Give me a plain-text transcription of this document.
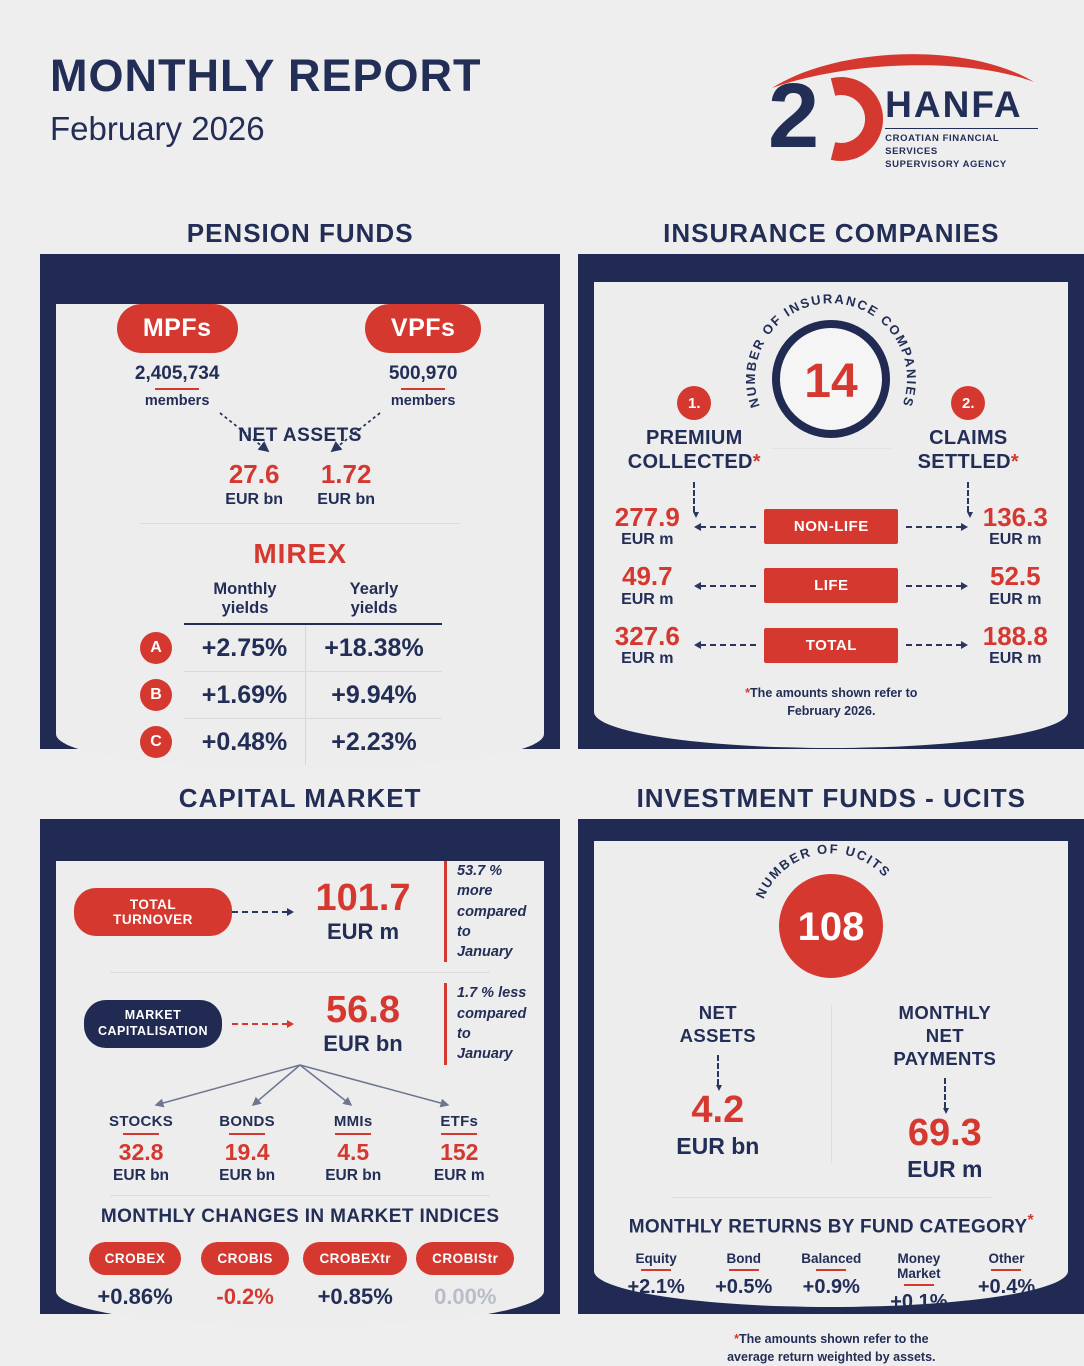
MONTHLY REPORT
February 2026	2 HANFA
CROATIAN FINANCIAL SERVICES
SUPERVISORY AGENCY
PENSION FUNDS
MPFs
2,405,734
members
VPFs
500,970
members
NET ASSETS
27.6
EUR bn
1.72
EUR bn
MIREX
Monthly
yields
Yearly
yields
A	+2.75%	+18.38%
B	+1.69%	+9.94%
C	+0.48%	+2.23%
INSURANCE COMPANIES
NUMBER OF INSURANCE COMPANIES
14
1.
PREMIUM
COLLECTED*
2.
CLAIMS
SETTLED*
277.9
EUR m
NON-LIFE	136.3
EUR m
49.7
EUR m
LIFE	52.5
EUR m
327.6
EUR m
TOTAL	188.8
EUR m
*The amounts shown refer to
February 2026.
CAPITAL MARKET
TOTAL TURNOVER
101.7
EUR m
53.7 % more
compared to January
MARKET
CAPITALISATION	56.8
EUR bn
1.7 % less
compared to January
STOCKS
32.8
EUR bn
BONDS
19.4
EUR bn
MMIs
4.5
EUR bn
ETFs
152
EUR m
MONTHLY CHANGES IN MARKET INDICES
CROBEX
+0.86%
CROBIS
-0.2%
CROBEXtr
+0.85%
CROBIStr
0.00%
INVESTMENT FUNDS - UCITS
NUMBER OF UCITS
108
NET
ASSETS
4.2
EUR bn
MONTHLY
NET
PAYMENTS
69.3
EUR m
MONTHLY RETURNS BY FUND CATEGORY*
Equity
+2.1%
Bond
+0.5%
Balanced
+0.9%
Money Market
+0.1%
Other
+0.4%
*The amounts shown refer to the
average return weighted by assets.
